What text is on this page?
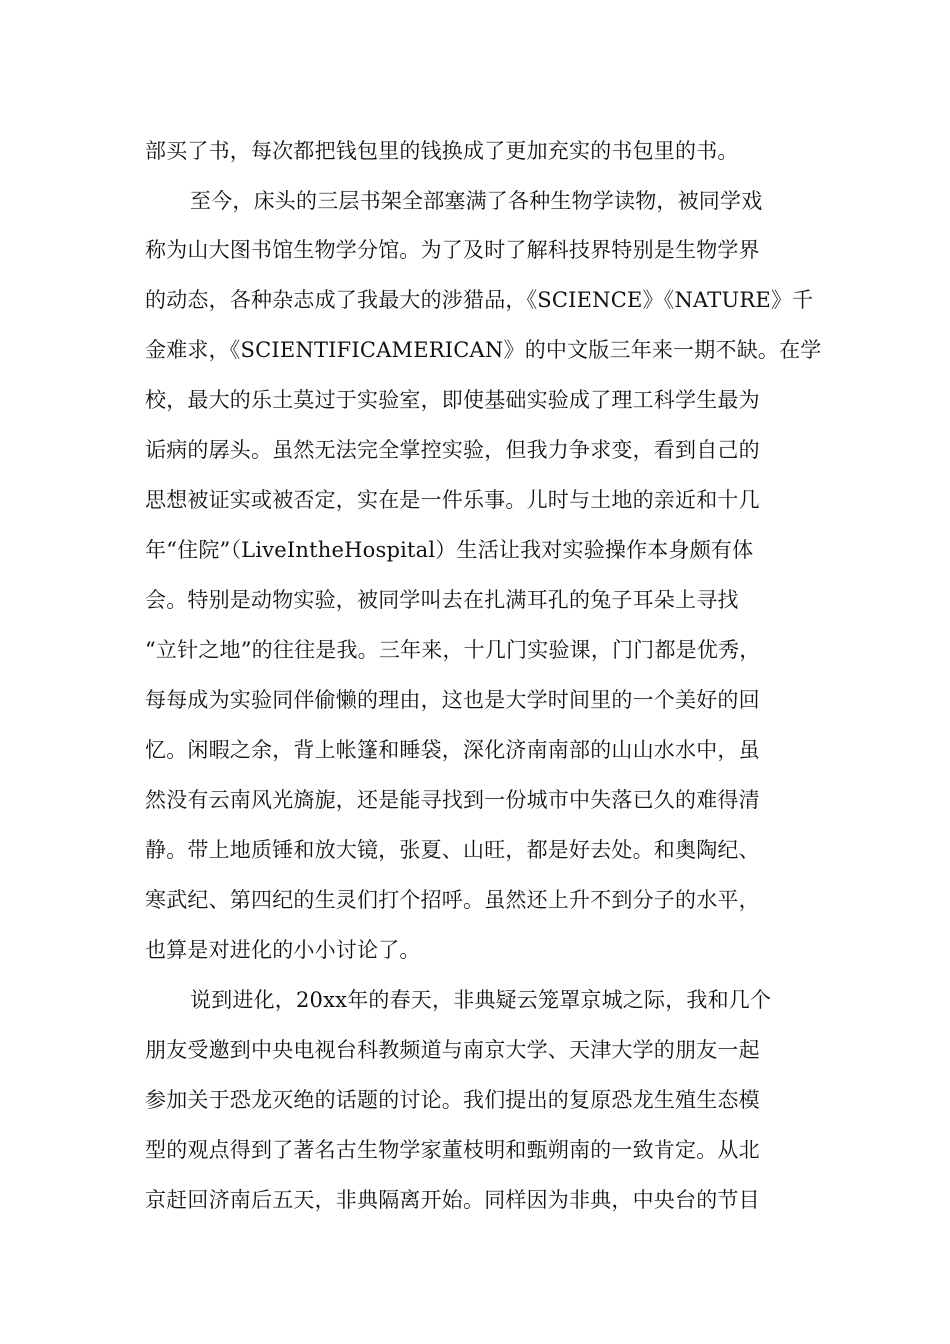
部买了书，每次都把钱包里的钱换成了更加充实的书包里的书。
至今，床头的三层书架全部塞满了各种生物学读物，被同学戏
称为山大图书馆生物学分馆。为了及时了解科技界特别是生物学界
的动态，各种杂志成了我最大的涉猎品，《SCIENCE》《NATURE》千
金难求，《SCIENTIFICAMERICAN》的中文版三年来一期不缺。在学
校，最大的乐土莫过于实验室，即使基础实验成了理工科学生最为
诟病的孱头。虽然无法完全掌控实验，但我力争求变，看到自己的
思想被证实或被否定，实在是一件乐事。儿时与土地的亲近和十几
年“住院”（LiveIntheHospital）生活让我对实验操作本身颇有体
会。特别是动物实验，被同学叫去在扎满耳孔的兔子耳朵上寻找
“立针之地”的往往是我。三年来，十几门实验课，门门都是优秀，
每每成为实验同伴偷懒的理由，这也是大学时间里的一个美好的回
忆。闲暇之余，背上帐篷和睡袋，深化济南南部的山山水水中，虽
然没有云南风光旖旎，还是能寻找到一份城市中失落已久的难得清
静。带上地质锤和放大镜，张夏、山旺，都是好去处。和奥陶纪、
寒武纪、第四纪的生灵们打个招呼。虽然还上升不到分子的水平，
也算是对进化的小小讨论了。
说到进化，20xx年的春天，非典疑云笼罩京城之际，我和几个
朋友受邀到中央电视台科教频道与南京大学、天津大学的朋友一起
参加关于恐龙灭绝的话题的讨论。我们提出的复原恐龙生殖生态模
型的观点得到了著名古生物学家董枝明和甄朔南的一致肯定。从北
京赶回济南后五天，非典隔离开始。同样因为非典，中央台的节目
